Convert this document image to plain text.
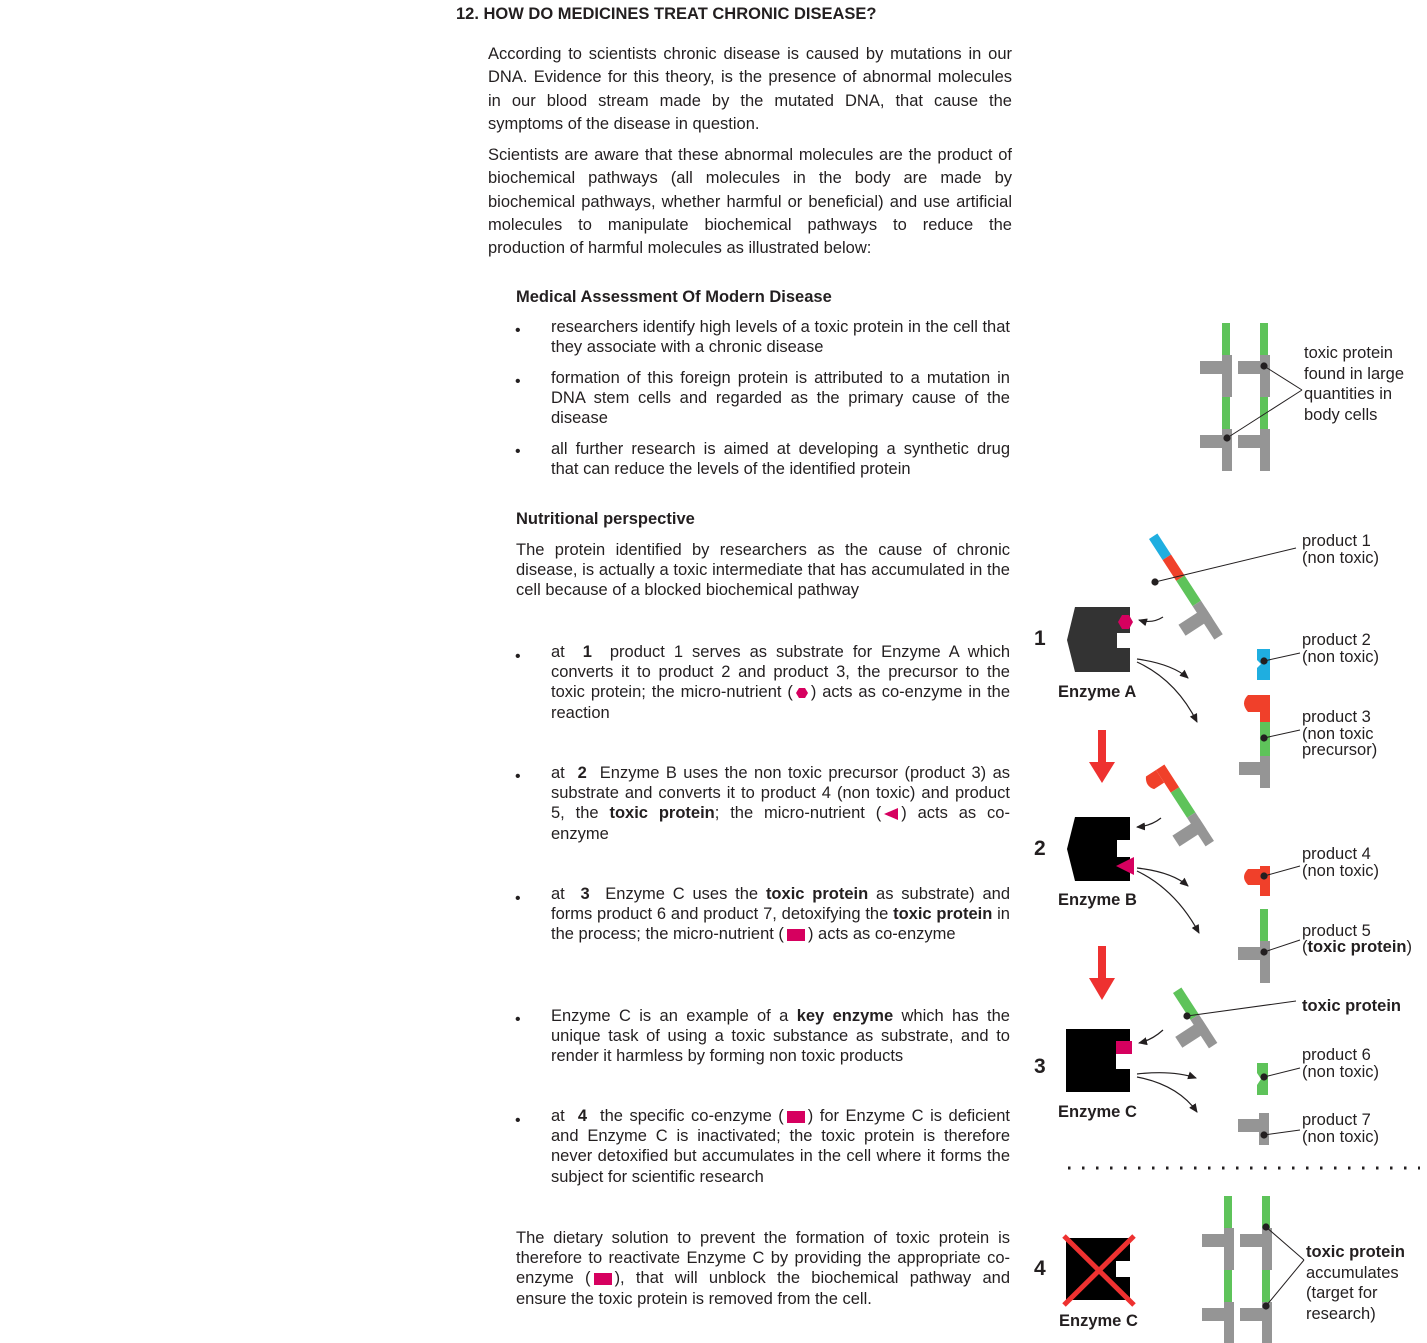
12. HOW DO MEDICINES TREAT CHRONIC DISEASE?
According to scientists chronic disease is caused by mutations in our DNA. Evidence for this theory, is the presence of abnormal molecules in our blood stream made by the mutated DNA, that cause the symptoms of the disease in question.
Scientists are aware that these abnormal molecules are the product of biochemical pathways (all molecules in the body are made by biochemical pathways, whether harmful or beneficial) and use artificial molecules to manipulate biochemical pathways to reduce the production of harmful molecules as illustrated below:
Medical Assessment Of Modern Disease
• researchers identify high levels of a toxic protein in the cell that they associate with a chronic disease
• formation of this foreign protein is attributed to a mutation in DNA stem cells and regarded as the primary cause of the disease
• all further research is aimed at developing a synthetic drug that can reduce the levels of the identified protein
Nutritional perspective
The protein identified by researchers as the cause of chronic disease, is actually a toxic intermediate that has accumulated in the cell because of a blocked biochemical pathway
• at 1 product 1 serves as substrate for Enzyme A which converts it to product 2 and product 3, the precursor to the toxic protein; the micro-nutrient ( ) acts as co-enzyme in the reaction
• at 2 Enzyme B uses the non toxic precursor (product 3) as substrate and converts it to product 4 (non toxic) and product 5, the toxic protein; the micro-nutrient ( ) acts as co- enzyme
• at 3 Enzyme C uses the toxic protein as substrate) and forms product 6 and product 7, detoxifying the toxic protein in the process; the micro-nutrient ( ) acts as co-enzyme
• Enzyme C is an example of a key enzyme which has the unique task of using a toxic substance as substrate, and to render it harmless by forming non toxic products
• at 4 the specific co-enzyme ( ) for Enzyme C is deficient and Enzyme C is inactivated; the toxic protein is therefore never detoxified but accumulates in the cell where it forms the subject for scientific research
The dietary solution to prevent the formation of toxic protein is therefore to reactivate Enzyme C by providing the appropriate co-enzyme ( ), that will unblock the biochemical pathway and ensure the toxic protein is removed from the cell.
toxic protein
found in large
quantities in
body cells
1
Enzyme A
product 1
(non toxic)
product 2
(non toxic)
product 3
(non toxic
precursor)
2
Enzyme B
product 4
(non toxic)
product 5
(toxic protein)
3
Enzyme C
toxic protein
product 6
(non toxic)
product 7
(non toxic)
4
Enzyme C
toxic protein
accumulates
(target for
research)
